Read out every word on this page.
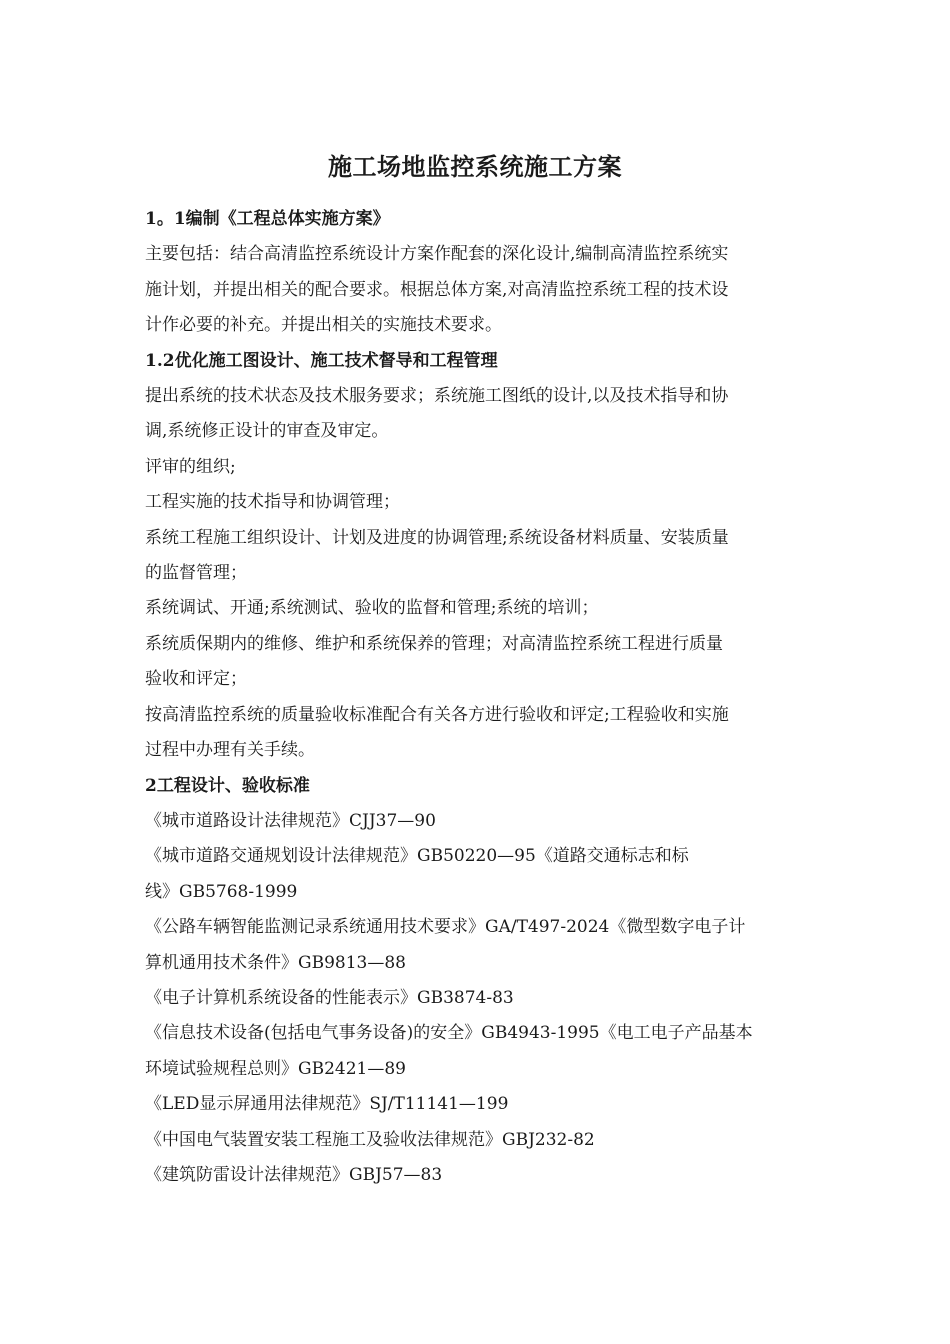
施工场地监控系统施工方案
1。1编制《工程总体实施方案》
主要包括：结合高清监控系统设计方案作配套的深化设计,编制高清监控系统实
施计划，并提出相关的配合要求。根据总体方案,对高清监控系统工程的技术设
计作必要的补充。并提出相关的实施技术要求。
1.2优化施工图设计、施工技术督导和工程管理
提出系统的技术状态及技术服务要求；系统施工图纸的设计,以及技术指导和协
调,系统修正设计的审查及审定。
评审的组织;
工程实施的技术指导和协调管理；
系统工程施工组织设计、计划及进度的协调管理;系统设备材料质量、安装质量
的监督管理；
系统调试、开通;系统测试、验收的监督和管理;系统的培训；
系统质保期内的维修、维护和系统保养的管理；对高清监控系统工程进行质量
验收和评定；
按高清监控系统的质量验收标准配合有关各方进行验收和评定;工程验收和实施
过程中办理有关手续。
2工程设计、验收标准
《城市道路设计法律规范》CJJ37—90
《城市道路交通规划设计法律规范》GB50220—95《道路交通标志和标
线》GB5768-1999
《公路车辆智能监测记录系统通用技术要求》GA/T497-2024《微型数字电子计
算机通用技术条件》GB9813—88
《电子计算机系统设备的性能表示》GB3874-83
《信息技术设备(包括电气事务设备)的安全》GB4943-1995《电工电子产品基本
环境试验规程总则》GB2421—89
《LED显示屏通用法律规范》SJ/T11141—199
《中国电气装置安装工程施工及验收法律规范》GBJ232-82
《建筑防雷设计法律规范》GBJ57—83
